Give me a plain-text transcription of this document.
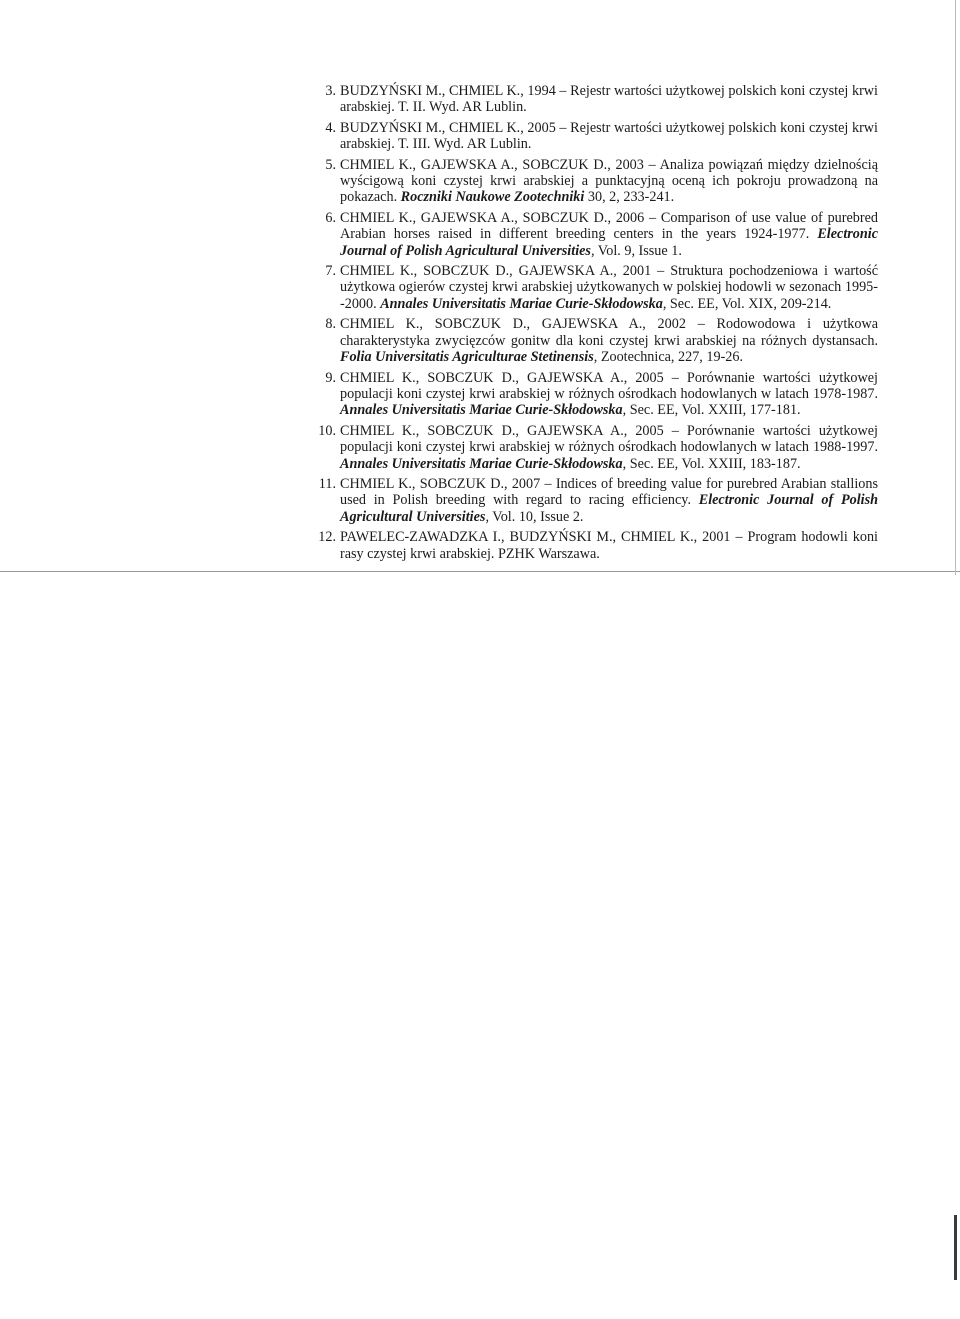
3 . BUDZYŃSKI M., CHMIEL K., 1994 – Rejestr wartości użytkowej polskich koni czystej krwi arabskiej. T. II. Wyd. AR Lublin.
4 . BUDZYŃSKI M., CHMIEL K., 2005 – Rejestr wartości użytkowej polskich koni czystej krwi arabskiej. T. III. Wyd. AR Lublin.
5 . CHMIEL K., GAJEWSKA A., SOBCZUK D., 2003 – Analiza powiązań między dzielnością wyścigową koni czystej krwi arabskiej a punktacyjną oceną ich pokroju prowadzoną na pokazach. Roczniki Naukowe Zootechniki 30, 2, 233-241.
6 . CHMIEL K., GAJEWSKA A., SOBCZUK D., 2006 – Comparison of use value of purebred Arabian horses raised in different breeding centers in the years 1924-1977. Electronic Journal of Polish Agricultural Universities, Vol. 9, Issue 1.
7 . CHMIEL K., SOBCZUK D., GAJEWSKA A., 2001 – Struktura pochodzeniowa i wartość użytkowa ogierów czystej krwi arabskiej użytkowanych w polskiej hodowli w sezonach 1995--2000. Annales Universitatis Mariae Curie-Skłodowska, Sec. EE, Vol. XIX, 209-214.
8 . CHMIEL K., SOBCZUK D., GAJEWSKA A., 2002 – Rodowodowa i użytkowa charakterystyka zwycięzców gonitw dla koni czystej krwi arabskiej na różnych dystansach. Folia Universitatis Agriculturae Stetinensis, Zootechnica, 227, 19-26.
9 . CHMIEL K., SOBCZUK D., GAJEWSKA A., 2005 – Porównanie wartości użytkowej populacji koni czystej krwi arabskiej w różnych ośrodkach hodowlanych w latach 1978-1987. Annales Universitatis Mariae Curie-Skłodowska, Sec. EE, Vol. XXIII, 177-181.
10 . CHMIEL K., SOBCZUK D., GAJEWSKA A., 2005 – Porównanie wartości użytkowej populacji koni czystej krwi arabskiej w różnych ośrodkach hodowlanych w latach 1988-1997. Annales Universitatis Mariae Curie-Skłodowska, Sec. EE, Vol. XXIII, 183-187.
11 . CHMIEL K., SOBCZUK D., 2007 – Indices of breeding value for purebred Arabian stallions used in Polish breeding with regard to racing efficiency. Electronic Journal of Polish Agricultural Universities, Vol. 10, Issue 2.
12 . PAWELEC-ZAWADZKA I., BUDZYŃSKI M., CHMIEL K., 2001 – Program hodowli koni rasy czystej krwi arabskiej. PZHK Warszawa.
